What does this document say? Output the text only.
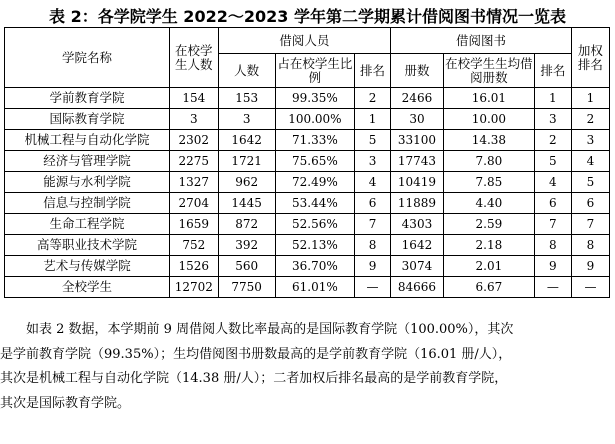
表 2：各学院学生 2022～2023 学年第二学期累计借阅图书情况一览表
学院名称	在校学生人数	借阅人员			借阅图书			加权排名
		人数	占在校学生比例	排名	册数	在校学生生均借阅册数	排名	
学前教育学院	154	153	99.35%	2	2466	16.01	1	1
国际教育学院	3	3	100.00%	1	30	10.00	3	2
机械工程与自动化学院	2302	1642	71.33%	5	33100	14.38	2	3
经济与管理学院	2275	1721	75.65%	3	17743	7.80	5	4
能源与水利学院	1327	962	72.49%	4	10419	7.85	4	5
信息与控制学院	2704	1445	53.44%	6	11889	4.40	6	6
生命工程学院	1659	872	52.56%	7	4303	2.59	7	7
高等职业技术学院	752	392	52.13%	8	1642	2.18	8	8
艺术与传媒学院	1526	560	36.70%	9	3074	2.01	9	9
全校学生	12702	7750	61.01%	—	84666	6.67	—	—
　　如表 2 数据，本学期前 9 周借阅人数比率最高的是国际教育学院（100.00%），其次
是学前教育学院（99.35%）；生均借阅图书册数最高的是学前教育学院（16.01 册/人），
其次是机械工程与自动化学院（14.38 册/人）；二者加权后排名最高的是学前教育学院，
其次是国际教育学院。
